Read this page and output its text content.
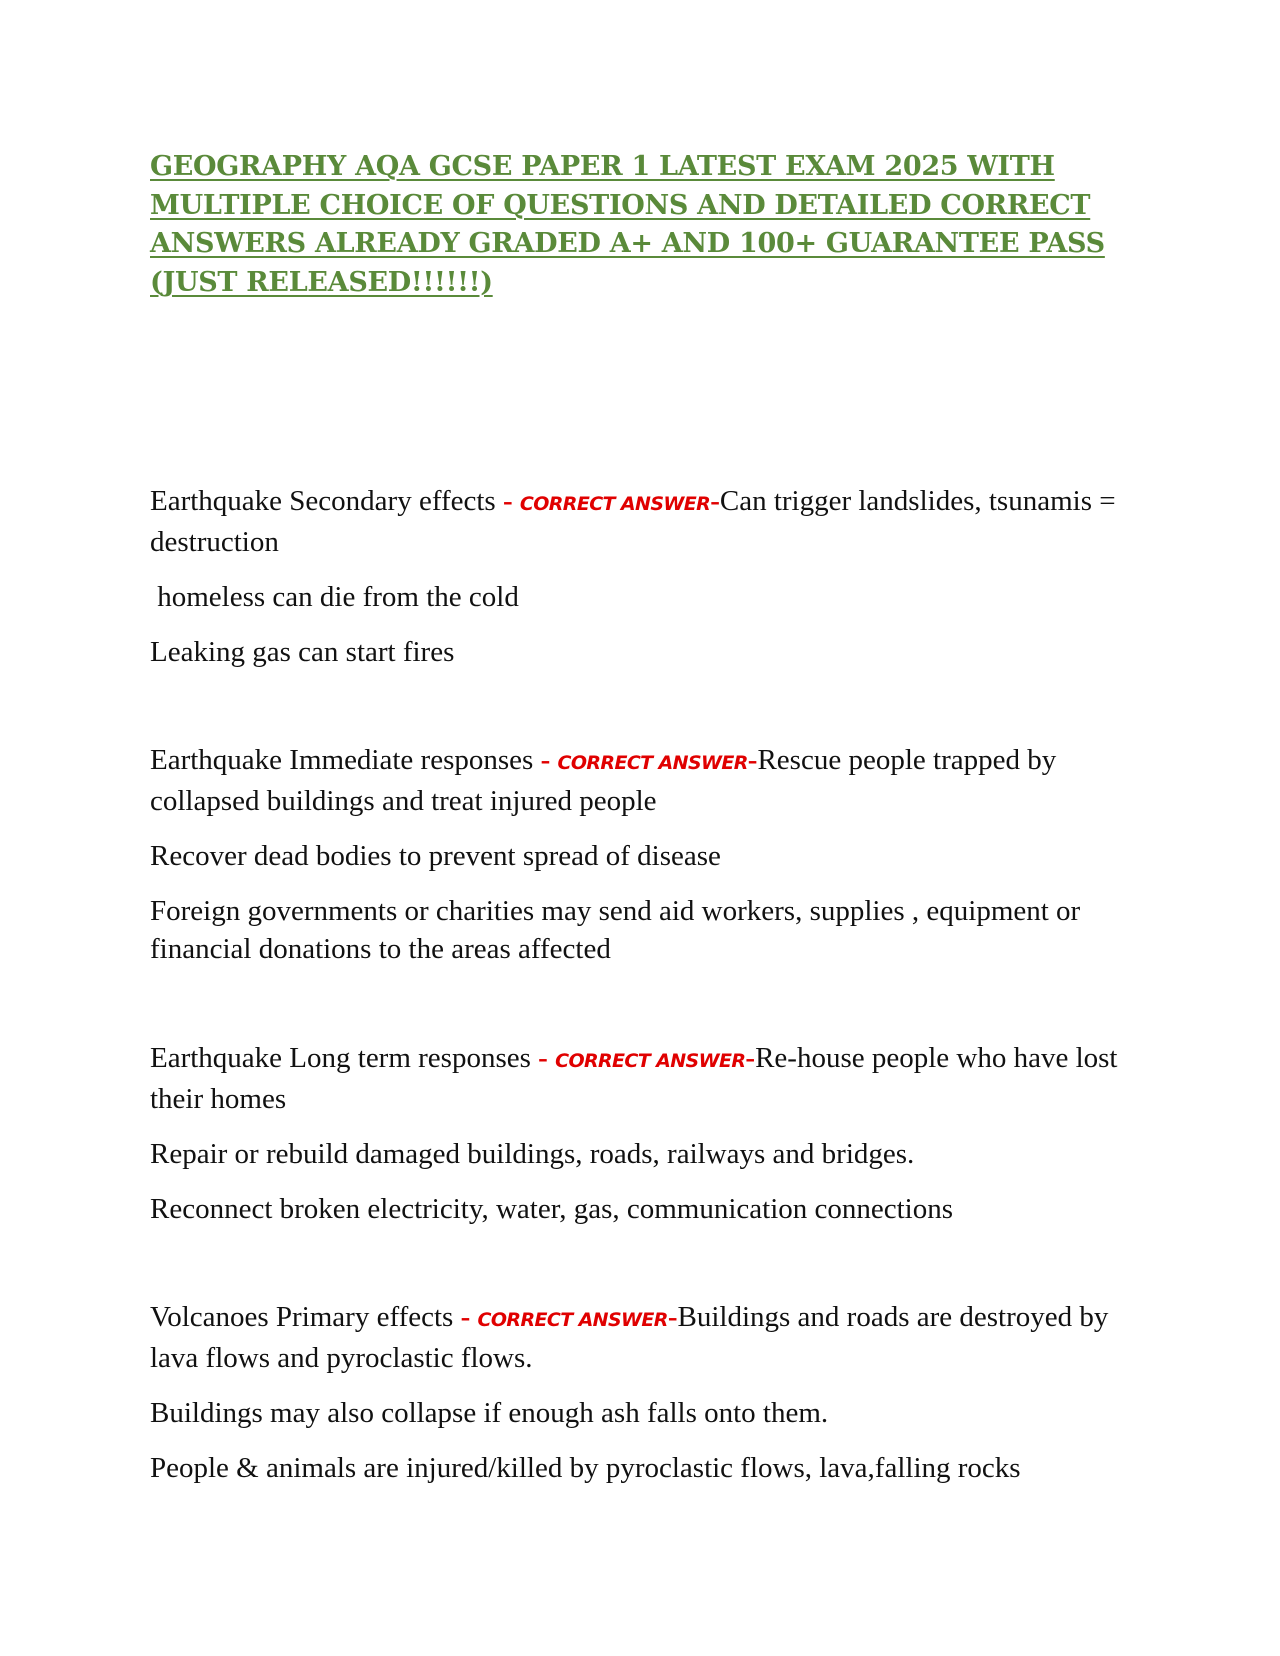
GEOGRAPHY AQA GCSE PAPER 1 LATEST EXAM 2025 WITH MULTIPLE CHOICE OF QUESTIONS AND DETAILED CORRECT ANSWERS ALREADY GRADED A+ AND 100+ GUARANTEE PASS (JUST RELEASED!!!!!!)

Earthquake Secondary effects - CORRECT ANSWER-Can trigger landslides, tsunamis = destruction

homeless can die from the cold

Leaking gas can start fires

Earthquake Immediate responses - CORRECT ANSWER-Rescue people trapped by collapsed buildings and treat injured people

Recover dead bodies to prevent spread of disease

Foreign governments or charities may send aid workers, supplies , equipment or financial donations to the areas affected

Earthquake Long term responses - CORRECT ANSWER-Re-house people who have lost their homes

Repair or rebuild damaged buildings, roads, railways and bridges.

Reconnect broken electricity, water, gas, communication connections

Volcanoes Primary effects - CORRECT ANSWER-Buildings and roads are destroyed by lava flows and pyroclastic flows.

Buildings may also collapse if enough ash falls onto them.

People & animals are injured/killed by pyroclastic flows, lava,falling rocks
